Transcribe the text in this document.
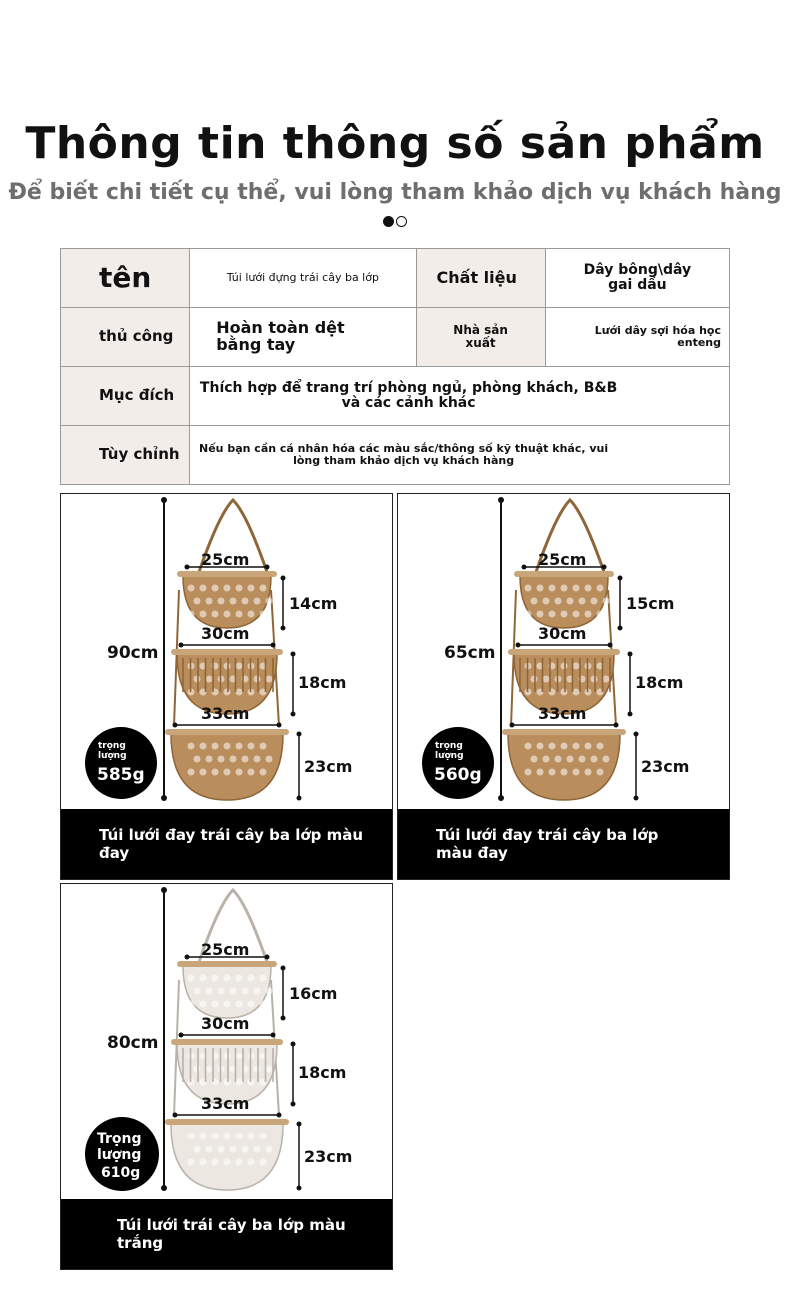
Thông tin thông số sản phẩm
Để biết chi tiết cụ thể, vui lòng tham khảo dịch vụ khách hàng
tên	Túi lưới đựng trái cây ba lớp	Chất liệu	Dây bông\dây gai dầu
thủ công	Hoàn toàn dệt bằng tay	Nhà sản xuất	Lưới dây sợi hóa học enteng
Mục đích	Thích hợp để trang trí phòng ngủ, phòng khách, B&B và các cảnh khác		
Tùy chỉnh	Nếu bạn cần cá nhân hóa các màu sắc/thông số kỹ thuật khác, vui lòng tham khảo dịch vụ khách hàng		
90cm
25cm
30cm
33cm
14cm
18cm
23cm
trọng lượng
585g
Túi lưới đay trái cây ba lớp màu đay
65cm
25cm
30cm
33cm
15cm
18cm
23cm
trọng lượng
560g
Túi lưới đay trái cây ba lớp màu đay
80cm
25cm
30cm
33cm
16cm
18cm
23cm
Trọng lượng
610g
Túi lưới trái cây ba lớp màu trắng
